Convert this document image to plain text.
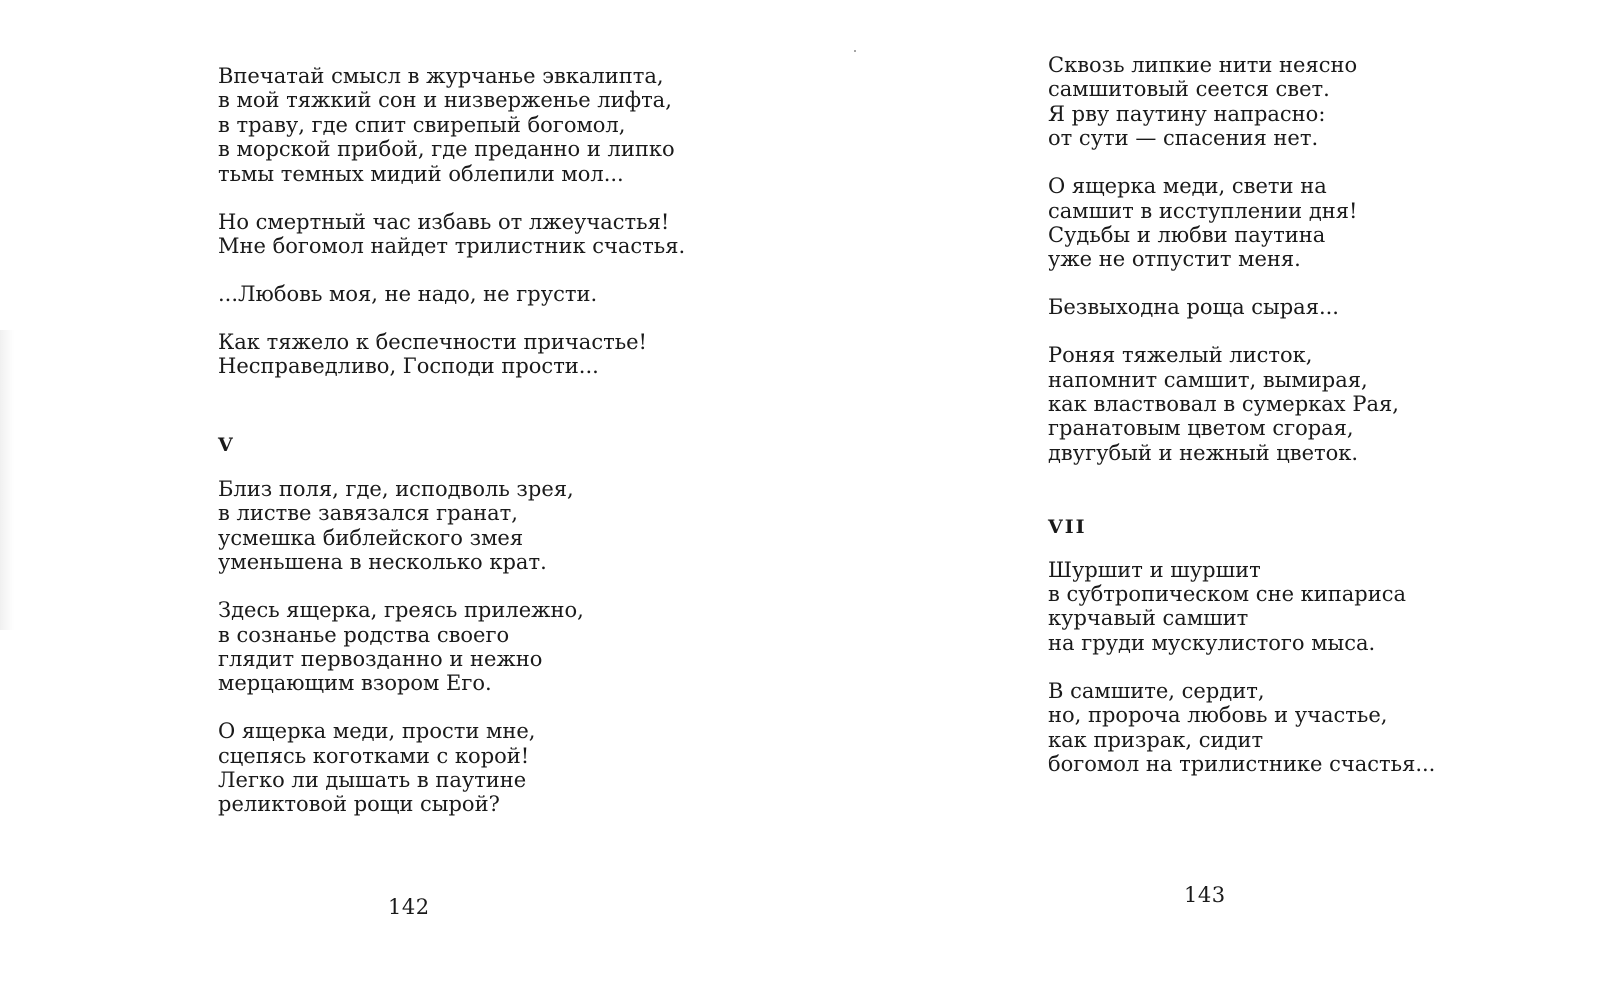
Впечатай смысл в журчанье эвкалипта,
в мой тяжкий сон и низверженье лифта,
в траву, где спит свирепый богомол,
в морской прибой, где преданно и липко
тьмы темных мидий облепили мол...
Но смертный час избавь от лжеучастья!
Мне богомол найдет трилистник счастья.
...Любовь моя, не надо, не грусти.
Как тяжело к беспечности причастье!
Несправедливо, Господи прости...
V
Близ поля, где, исподволь зрея,
в листве завязался гранат,
усмешка библейского змея
уменьшена в несколько крат.
Здесь ящерка, греясь прилежно,
в сознанье родства своего
глядит первозданно и нежно
мерцающим взором Его.
О ящерка меди, прости мне,
сцепясь коготками с корой!
Легко ли дышать в паутине
реликтовой рощи сырой?
142
Сквозь липкие нити неясно
самшитовый сеется свет.
Я рву паутину напрасно:
от сути — спасения нет.
О ящерка меди, свети на
самшит в исступлении дня!
Судьбы и любви паутина
уже не отпустит меня.
Безвыходна роща сырая...
Роняя тяжелый листок,
напомнит самшит, вымирая,
как властвовал в сумерках Рая,
гранатовым цветом сгорая,
двугубый и нежный цветок.
VII
Шуршит и шуршит
в субтропическом сне кипариса
курчавый самшит
на груди мускулистого мыса.
В самшите, сердит,
но, пророча любовь и участье,
как призрак, сидит
богомол на трилистнике счастья...
143
